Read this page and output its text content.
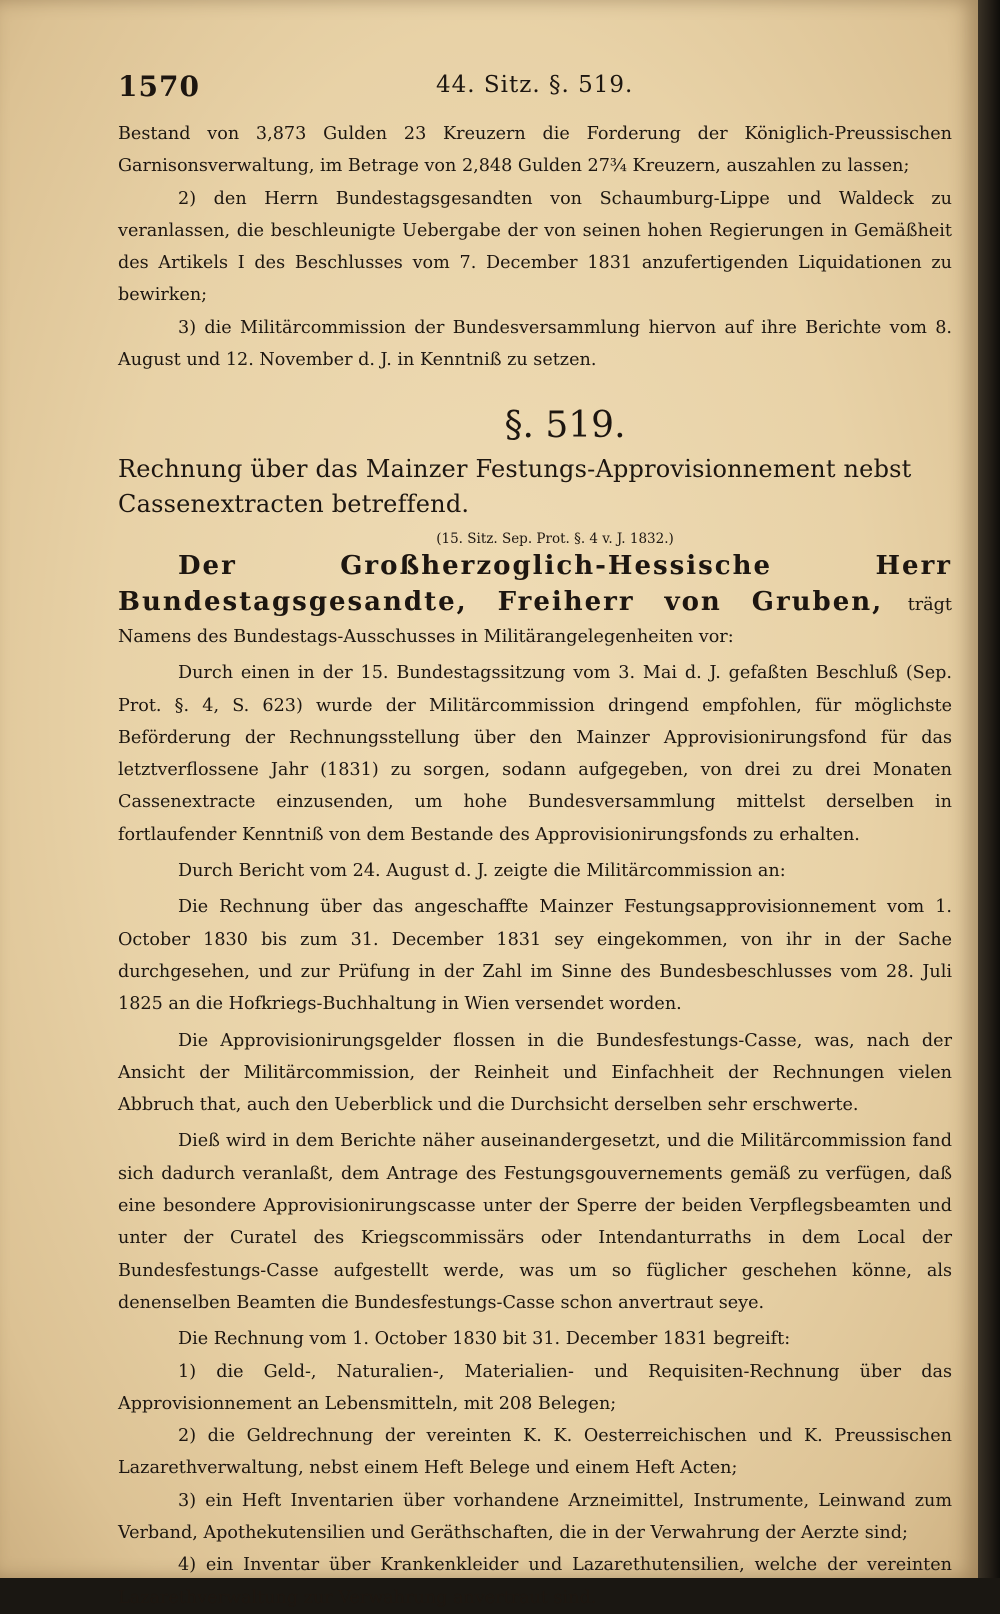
1570	44. Sitz. §. 519.

Bestand von 3,873 Gulden 23 Kreuzern die Forderung der Königlich-Preussischen Garnisonsverwaltung, im Betrage von 2,848 Gulden 27¾ Kreuzern, auszahlen zu lassen;

2) den Herrn Bundestagsgesandten von Schaumburg-Lippe und Waldeck zu veranlassen, die beschleunigte Uebergabe der von seinen hohen Regierungen in Gemäßheit des Artikels I des Beschlusses vom 7. December 1831 anzufertigenden Liquidationen zu bewirken;

3) die Militärcommission der Bundesversammlung hiervon auf ihre Berichte vom 8. August und 12. November d. J. in Kenntniß zu setzen.

§. 519.

Rechnung über das Mainzer Festungs-Approvisionnement nebst Cassenextracten betreffend.

(15. Sitz. Sep. Prot. §. 4 v. J. 1832.)

Der Großherzoglich-Hessische Herr Bundestagsgesandte, Freiherr von Gruben, trägt Namens des Bundestags-Ausschusses in Militärangelegenheiten vor:

Durch einen in der 15. Bundestagssitzung vom 3. Mai d. J. gefaßten Beschluß (Sep. Prot. §. 4, S. 623) wurde der Militärcommission dringend empfohlen, für möglichste Beförderung der Rechnungsstellung über den Mainzer Approvisionirungsfond für das letztverflossene Jahr (1831) zu sorgen, sodann aufgegeben, von drei zu drei Monaten Cassenextracte einzusenden, um hohe Bundesversammlung mittelst derselben in fortlaufender Kenntniß von dem Bestande des Approvisionirungsfonds zu erhalten.

Durch Bericht vom 24. August d. J. zeigte die Militärcommission an:

Die Rechnung über das angeschaffte Mainzer Festungsapprovisionnement vom 1. October 1830 bis zum 31. December 1831 sey eingekommen, von ihr in der Sache durchgesehen, und zur Prüfung in der Zahl im Sinne des Bundesbeschlusses vom 28. Juli 1825 an die Hofkriegs-Buchhaltung in Wien versendet worden.

Die Approvisionirungsgelder flossen in die Bundesfestungs-Casse, was, nach der Ansicht der Militärcommission, der Reinheit und Einfachheit der Rechnungen vielen Abbruch that, auch den Ueberblick und die Durchsicht derselben sehr erschwerte.

Dieß wird in dem Berichte näher auseinandergesetzt, und die Militärcommission fand sich dadurch veranlaßt, dem Antrage des Festungsgouvernements gemäß zu verfügen, daß eine besondere Approvisionirungscasse unter der Sperre der beiden Verpflegsbeamten und unter der Curatel des Kriegscommissärs oder Intendanturraths in dem Local der Bundesfestungs-Casse aufgestellt werde, was um so füglicher geschehen könne, als denenselben Beamten die Bundesfestungs-Casse schon anvertraut seye.

Die Rechnung vom 1. October 1830 bit 31. December 1831 begreift:

1) die Geld-, Naturalien-, Materialien- und Requisiten-Rechnung über das Approvisionnement an Lebensmitteln, mit 208 Belegen;

2) die Geldrechnung der vereinten K. K. Oesterreichischen und K. Preussischen Lazarethverwaltung, nebst einem Heft Belege und einem Heft Acten;

3) ein Heft Inventarien über vorhandene Arzneimittel, Instrumente, Leinwand zum Verband, Apothekutensilien und Geräthschaften, die in der Verwahrung der Aerzte sind;

4) ein Inventar über Krankenkleider und Lazarethutensilien, welche der vereinten Lazarethverwaltung zur Verwahrung anvertraut sind.
